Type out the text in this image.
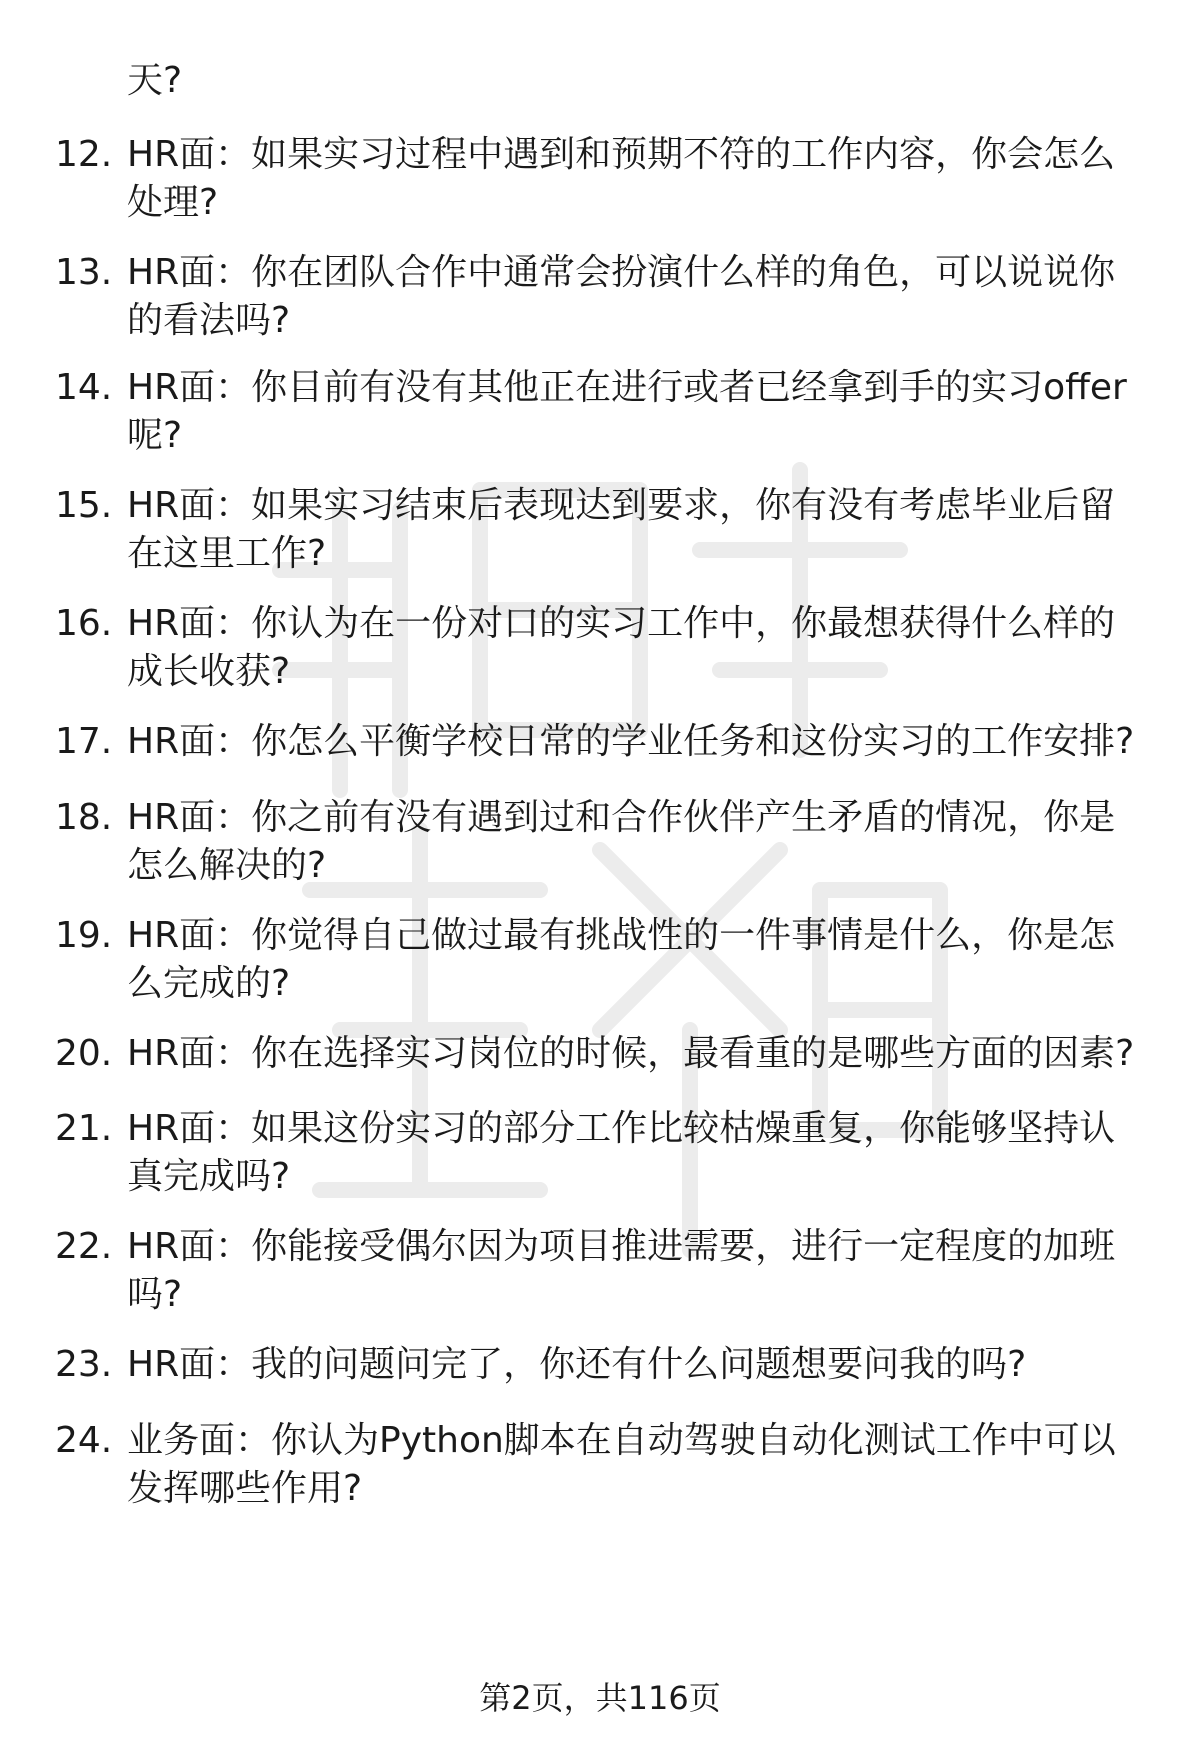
天?
12. HR面：如果实习过程中遇到和预期不符的工作内容，你会怎么处理?
13. HR面：你在团队合作中通常会扮演什么样的角色，可以说说你的看法吗?
14. HR面：你目前有没有其他正在进行或者已经拿到手的实习offer呢?
15. HR面：如果实习结束后表现达到要求，你有没有考虑毕业后留在这里工作?
16. HR面：你认为在一份对口的实习工作中，你最想获得什么样的成长收获?
17. HR面：你怎么平衡学校日常的学业任务和这份实习的工作安排?
18. HR面：你之前有没有遇到过和合作伙伴产生矛盾的情况，你是怎么解决的?
19. HR面：你觉得自己做过最有挑战性的一件事情是什么，你是怎么完成的?
20. HR面：你在选择实习岗位的时候，最看重的是哪些方面的因素?
21. HR面：如果这份实习的部分工作比较枯燥重复，你能够坚持认真完成吗?
22. HR面：你能接受偶尔因为项目推进需要，进行一定程度的加班吗?
23. HR面：我的问题问完了，你还有什么问题想要问我的吗?
24. 业务面：你认为Python脚本在自动驾驶自动化测试工作中可以发挥哪些作用?
第2页，共116页
